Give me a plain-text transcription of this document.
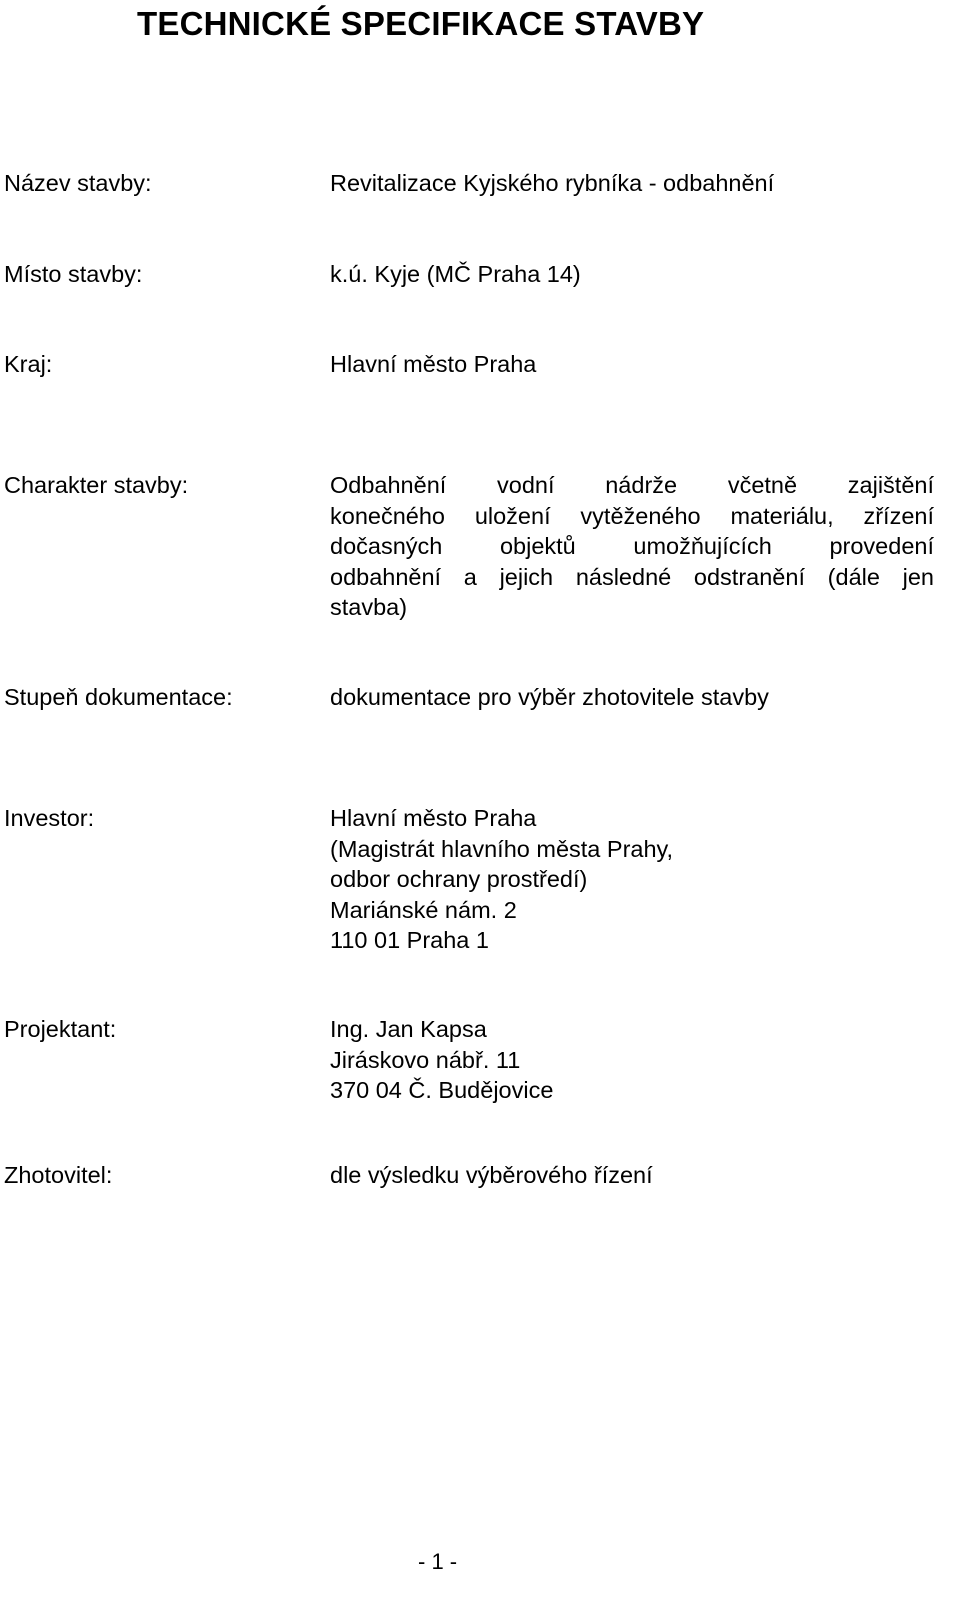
TECHNICKÉ SPECIFIKACE STAVBY
Název stavby:	Revitalizace Kyjského rybníka - odbahnění
Místo stavby:	k.ú. Kyje (MČ Praha 14)
Kraj:	Hlavní město Praha
Charakter stavby:	Odbahnění vodní nádrže včetně zajištění
konečného uložení vytěženého materiálu, zřízení
dočasných objektů umožňujících provedení
odbahnění a jejich následné odstranění (dále jen
stavba)
Stupeň dokumentace:	dokumentace pro výběr zhotovitele stavby
Investor:	Hlavní město Praha
(Magistrát hlavního města Prahy,
odbor ochrany prostředí)
Mariánské nám. 2
110 01 Praha 1
Projektant:	Ing. Jan Kapsa
Jiráskovo nábř. 11
370 04 Č. Budějovice
Zhotovitel:	dle výsledku výběrového řízení
- 1 -
